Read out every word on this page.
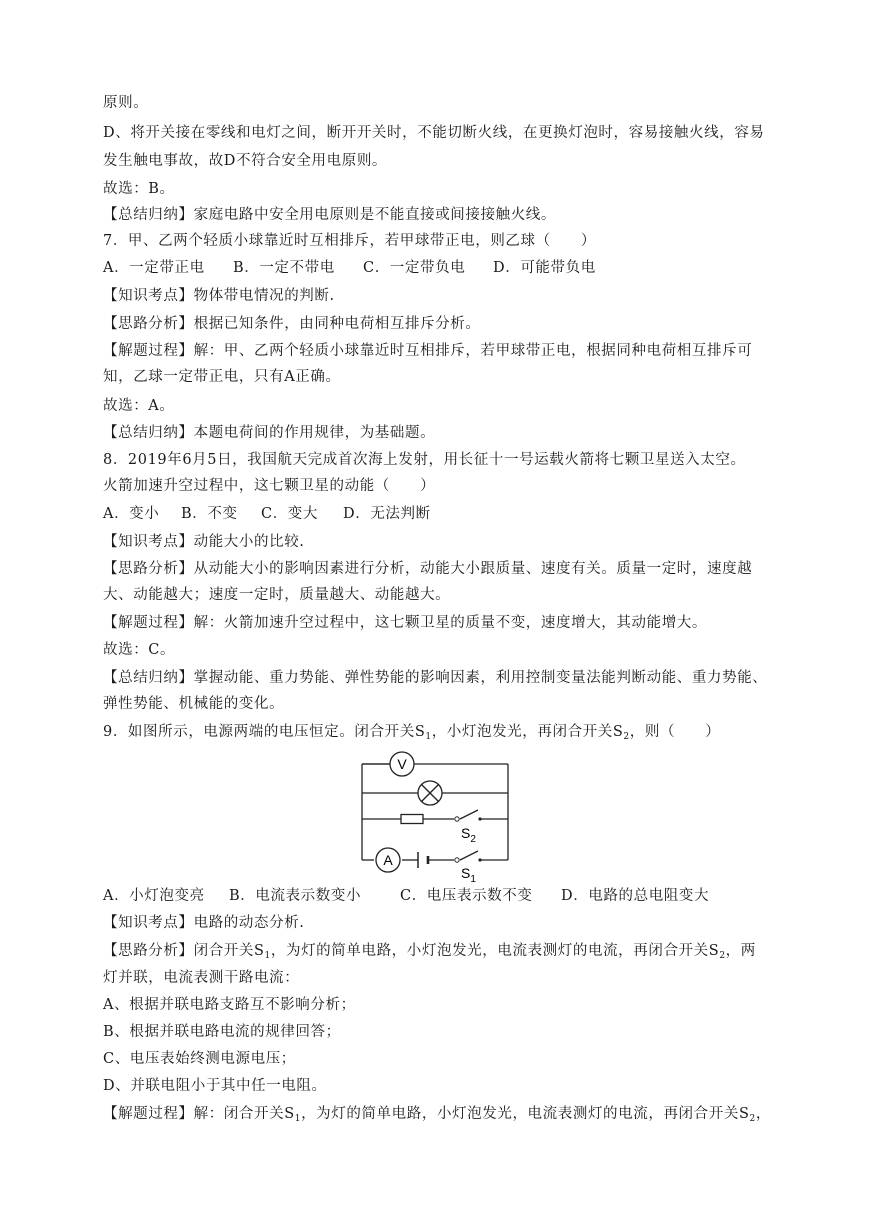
原则。
D、将开关接在零线和电灯之间，断开开关时，不能切断火线，在更换灯泡时，容易接触火线，容易
发生触电事故，故D不符合安全用电原则。
故选：B。
【总结归纳】家庭电路中安全用电原则是不能直接或间接接触火线。
7．甲、乙两个轻质小球靠近时互相排斥，若甲球带正电，则乙球（　　）
A．一定带正电 B．一定不带电 C．一定带负电 D．可能带负电
【知识考点】物体带电情况的判断.
【思路分析】根据已知条件，由同种电荷相互排斥分析。
【解题过程】解：甲、乙两个轻质小球靠近时互相排斥，若甲球带正电，根据同种电荷相互排斥可
知，乙球一定带正电，只有A正确。
故选：A。
【总结归纳】本题电荷间的作用规律，为基础题。
8．2019年6月5日，我国航天完成首次海上发射，用长征十一号运载火箭将七颗卫星送入太空。
火箭加速升空过程中，这七颗卫星的动能（　　）
A．变小 B．不变 C．变大 D．无法判断
【知识考点】动能大小的比较.
【思路分析】从动能大小的影响因素进行分析，动能大小跟质量、速度有关。质量一定时，速度越
大、动能越大；速度一定时，质量越大、动能越大。
【解题过程】解：火箭加速升空过程中，这七颗卫星的质量不变，速度增大，其动能增大。
故选：C。
【总结归纳】掌握动能、重力势能、弹性势能的影响因素，利用控制变量法能判断动能、重力势能、
弹性势能、机械能的变化。
9．如图所示，电源两端的电压恒定。闭合开关$S_1$，小灯泡发光，再闭合开关$S_2$，则（　　）
V
$S_2$
A
$S_1$
A．小灯泡变亮 B．电流表示数变小	C．电压表示数不变 D．电路的总电阻变大
【知识考点】电路的动态分析.
【思路分析】闭合开关$S_1$，为灯的简单电路，小灯泡发光，电流表测灯的电流，再闭合开关$S_2$，两
灯并联，电流表测干路电流：
A、根据并联电路支路互不影响分析；
B、根据并联电路电流的规律回答；
C、电压表始终测电源电压；
D、并联电阻小于其中任一电阻。
【解题过程】解：闭合开关$S_1$，为灯的简单电路，小灯泡发光，电流表测灯的电流，再闭合开关$S_2$，
